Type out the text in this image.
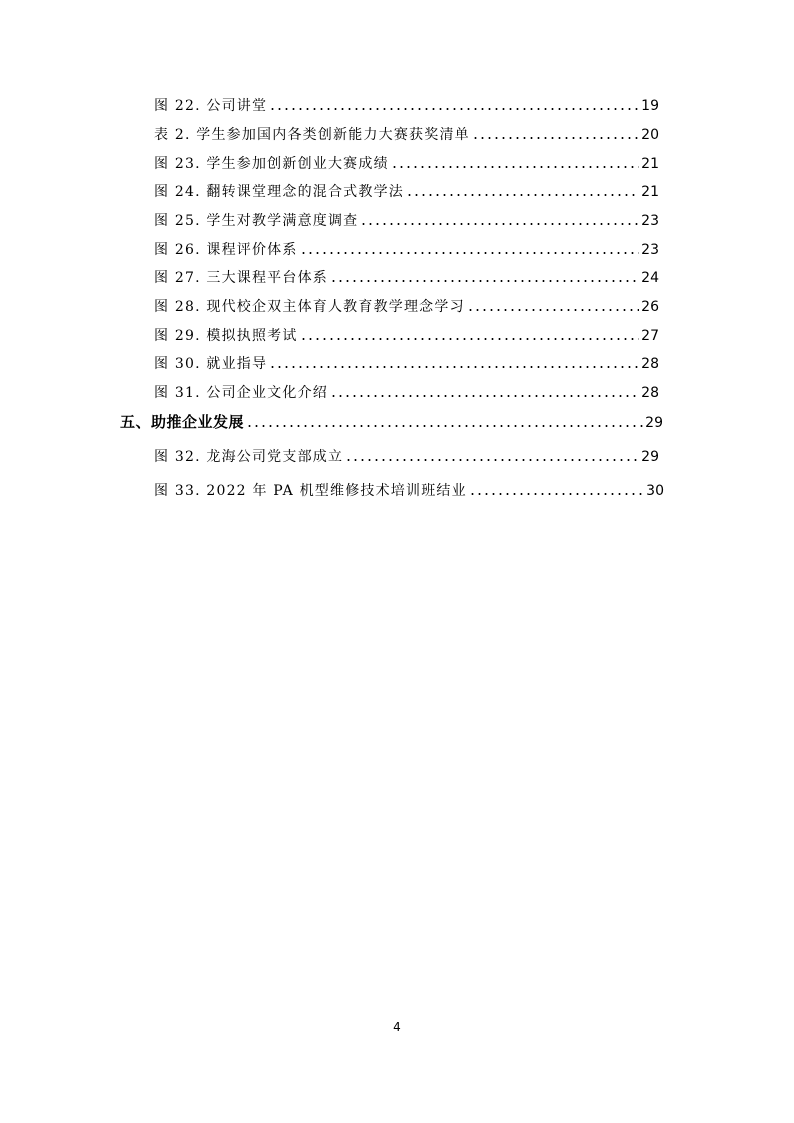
图 22. 公司讲堂	19
表 2. 学生参加国内各类创新能力大赛获奖清单	20
图 23. 学生参加创新创业大赛成绩	21
图 24. 翻转课堂理念的混合式教学法	21
图 25. 学生对教学满意度调查	23
图 26. 课程评价体系	23
图 27. 三大课程平台体系	24
图 28. 现代校企双主体育人教育教学理念学习	26
图 29. 模拟执照考试	27
图 30. 就业指导	28
图 31. 公司企业文化介绍	28
五、助推企业发展	29
图 32. 龙海公司党支部成立	29
图 33. 2022 年 PA 机型维修技术培训班结业	30
4
